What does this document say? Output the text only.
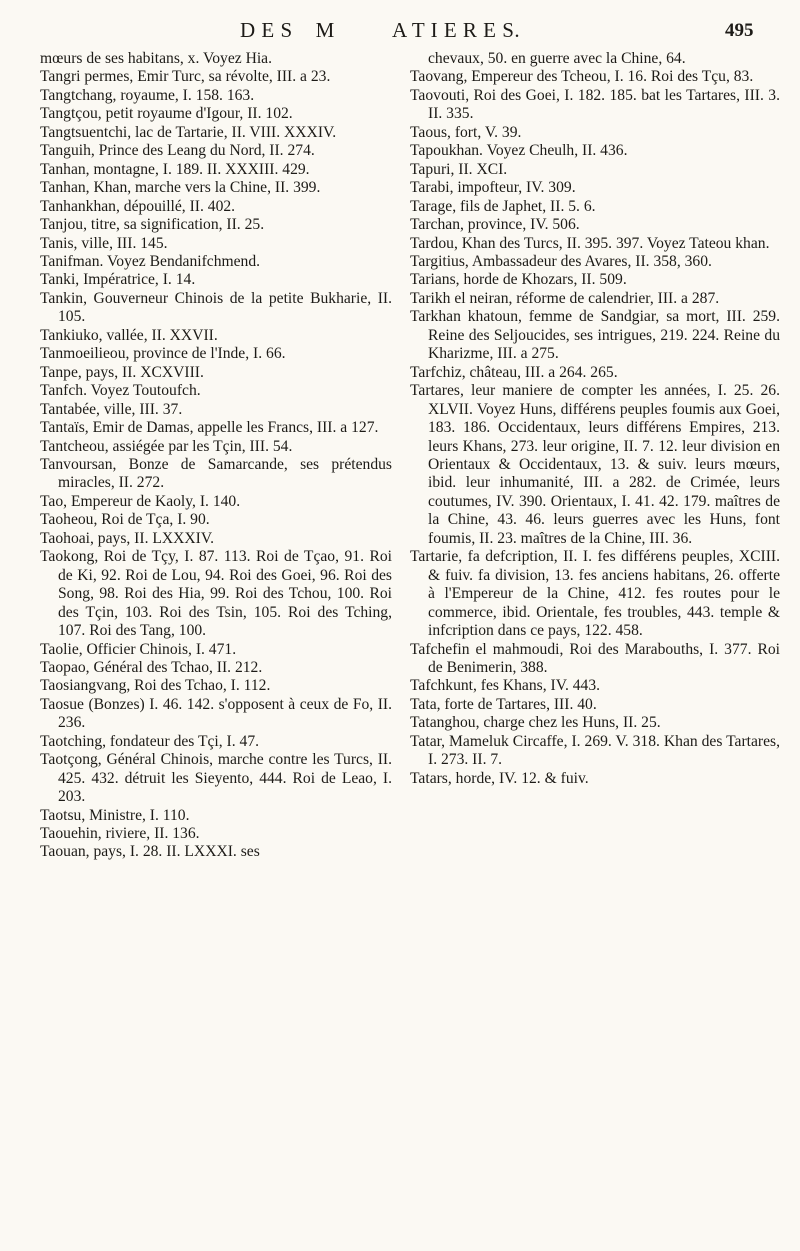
D E S    M	A T I E R E S.	495

mœurs de ses habitans, x. Voyez Hia.

Tangri permes, Emir Turc, sa révolte, III. a 23.

Tangtchang, royaume, I. 158. 163.

Tangtçou, petit royaume d'Igour, II. 102.

Tangtsuentchi, lac de Tartarie, II. VIII. XXXIV.

Tanguih, Prince des Leang du Nord, II. 274.

Tanhan, montagne, I. 189. II. XXXIII. 429.

Tanhan, Khan, marche vers la Chine, II. 399.

Tanhankhan, dépouillé, II. 402.

Tanjou, titre, sa signification, II. 25.

Tanis, ville, III. 145.

Tanifman. Voyez Bendanifchmend.

Tanki, Impératrice, I. 14.

Tankin, Gouverneur Chinois de la petite Bukharie, II. 105.

Tankiuko, vallée, II. XXVII.

Tanmoeilieou, province de l'Inde, I. 66.

Tanpe, pays, II. XCXVIII.

Tanfch. Voyez Toutoufch.

Tantabée, ville, III. 37.

Tantaïs, Emir de Damas, appelle les Francs, III. a 127.

Tantcheou, assiégée par les Tçin, III. 54.

Tanvoursan, Bonze de Samarcande, ses prétendus miracles, II. 272.

Tao, Empereur de Kaoly, I. 140.

Taoheou, Roi de Tça, I. 90.

Taohoai, pays, II. LXXXIV.

Taokong, Roi de Tçy, I. 87. 113. Roi de Tçao, 91. Roi de Ki, 92. Roi de Lou, 94. Roi des Goei, 96. Roi des Song, 98. Roi des Hia, 99. Roi des Tchou, 100. Roi des Tçin, 103. Roi des Tsin, 105. Roi des Tching, 107. Roi des Tang, 100.

Taolie, Officier Chinois, I. 471.

Taopao, Général des Tchao, II. 212.

Taosiangvang, Roi des Tchao, I. 112.

Taosue (Bonzes) I. 46. 142. s'opposent à ceux de Fo, II. 236.

Taotching, fondateur des Tçi, I. 47.

Taotçong, Général Chinois, marche contre les Turcs, II. 425. 432. détruit les Sieyento, 444. Roi de Leao, I. 203.

Taotsu, Ministre, I. 110.

Taouehin, riviere, II. 136.

Taouan, pays, I. 28. II. LXXXI. ses

chevaux, 50. en guerre avec la Chine, 64.

Taovang, Empereur des Tcheou, I. 16. Roi des Tçu, 83.

Taovouti, Roi des Goei, I. 182. 185. bat les Tartares, III. 3. II. 335.

Taous, fort, V. 39.

Tapoukhan. Voyez Cheulh, II. 436.

Tapuri, II. XCI.

Tarabi, impofteur, IV. 309.

Tarage, fils de Japhet, II. 5. 6.

Tarchan, province, IV. 506.

Tardou, Khan des Turcs, II. 395. 397. Voyez Tateou khan.

Targitius, Ambassadeur des Avares, II. 358, 360.

Tarians, horde de Khozars, II. 509.

Tarikh el neiran, réforme de calendrier, III. a 287.

Tarkhan khatoun, femme de Sandgiar, sa mort, III. 259. Reine des Seljoucides, ses intrigues, 219. 224. Reine du Kharizme, III. a 275.

Tarfchiz, château, III. a 264. 265.

Tartares, leur maniere de compter les années, I. 25. 26. XLVII. Voyez Huns, différens peuples foumis aux Goei, 183. 186. Occidentaux, leurs différens Empires, 213. leurs Khans, 273. leur origine, II. 7. 12. leur division en Orientaux & Occidentaux, 13. & suiv. leurs mœurs, ibid. leur inhumanité, III. a 282. de Crimée, leurs coutumes, IV. 390. Orientaux, I. 41. 42. 179. maîtres de la Chine, 43. 46. leurs guerres avec les Huns, font foumis, II. 23. maîtres de la Chine, III. 36.

Tartarie, fa defcription, II. I. fes différens peuples, XCIII. & fuiv. fa division, 13. fes anciens habitans, 26. offerte à l'Empereur de la Chine, 412. fes routes pour le commerce, ibid. Orientale, fes troubles, 443. temple & infcription dans ce pays, 122. 458.

Tafchefin el mahmoudi, Roi des Marabouths, I. 377. Roi de Benimerin, 388.

Tafchkunt, fes Khans, IV. 443.

Tata, forte de Tartares, III. 40.

Tatanghou, charge chez les Huns, II. 25.

Tatar, Mameluk Circaffe, I. 269. V. 318. Khan des Tartares, I. 273. II. 7.

Tatars, horde, IV. 12. & fuiv.
